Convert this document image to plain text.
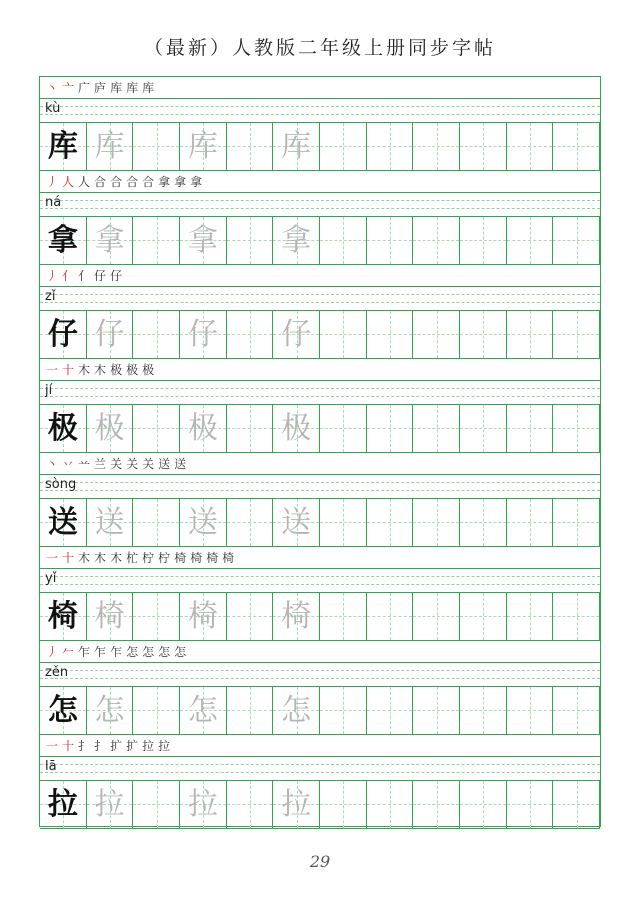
（最新）人教版二年级上册同步字帖
丶亠广庐库库库
kù
库 库 库 库
丿人人合合合合拿拿拿
ná
拿 拿 拿 拿
丿亻亻仔仔
zǐ
仔 仔 仔 仔
一十木木极极极
jí
极 极 极 极
丶丷䒑兰关关关送送
sòng
送 送 送 送
一十木木木杧柠柠椅椅椅椅
yǐ
椅 椅 椅 椅
丿𠂉乍乍乍怎怎怎怎
zěn
怎 怎 怎 怎
一十扌扌扩扩拉拉
lā
拉 拉 拉 拉
29
